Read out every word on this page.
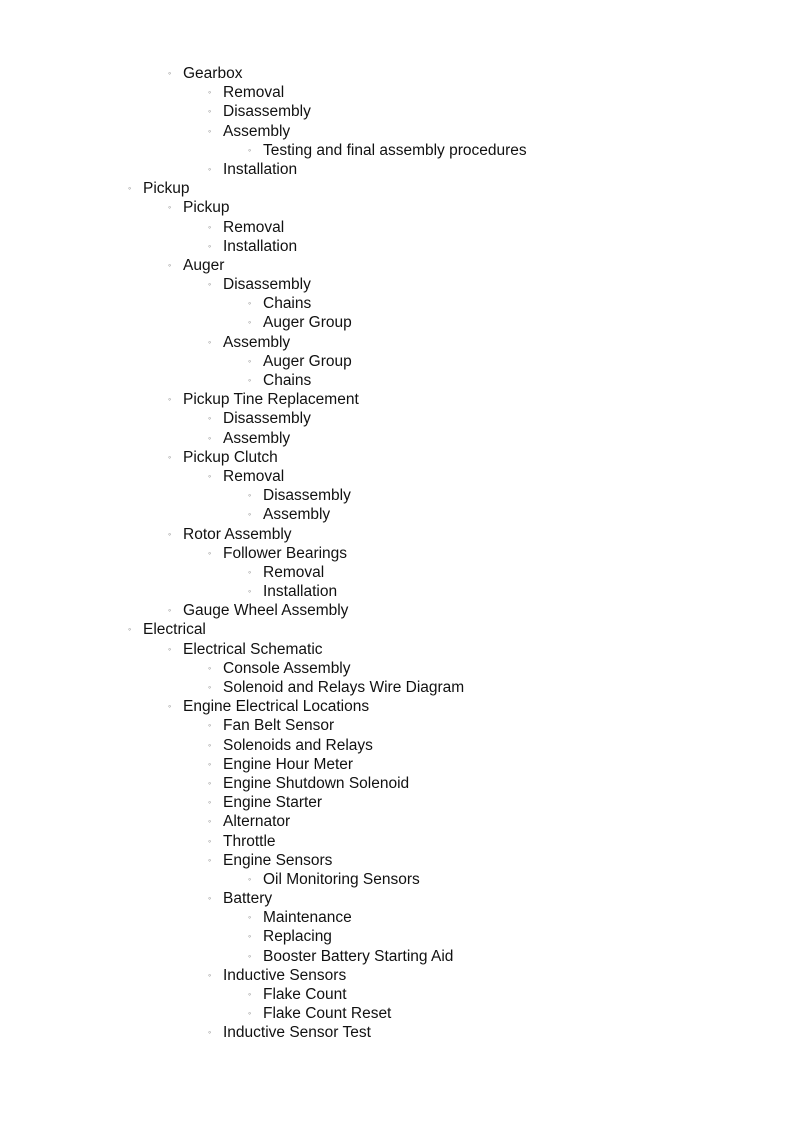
◦ Gearbox
◦ Removal
◦ Disassembly
◦ Assembly
◦ Testing and final assembly procedures
◦ Installation
◦ Pickup
◦ Pickup
◦ Removal
◦ Installation
◦ Auger
◦ Disassembly
◦ Chains
◦ Auger Group
◦ Assembly
◦ Auger Group
◦ Chains
◦ Pickup Tine Replacement
◦ Disassembly
◦ Assembly
◦ Pickup Clutch
◦ Removal
◦ Disassembly
◦ Assembly
◦ Rotor Assembly
◦ Follower Bearings
◦ Removal
◦ Installation
◦ Gauge Wheel Assembly
◦ Electrical
◦ Electrical Schematic
◦ Console Assembly
◦ Solenoid and Relays Wire Diagram
◦ Engine Electrical Locations
◦ Fan Belt Sensor
◦ Solenoids and Relays
◦ Engine Hour Meter
◦ Engine Shutdown Solenoid
◦ Engine Starter
◦ Alternator
◦ Throttle
◦ Engine Sensors
◦ Oil Monitoring Sensors
◦ Battery
◦ Maintenance
◦ Replacing
◦ Booster Battery Starting Aid
◦ Inductive Sensors
◦ Flake Count
◦ Flake Count Reset
◦ Inductive Sensor Test
